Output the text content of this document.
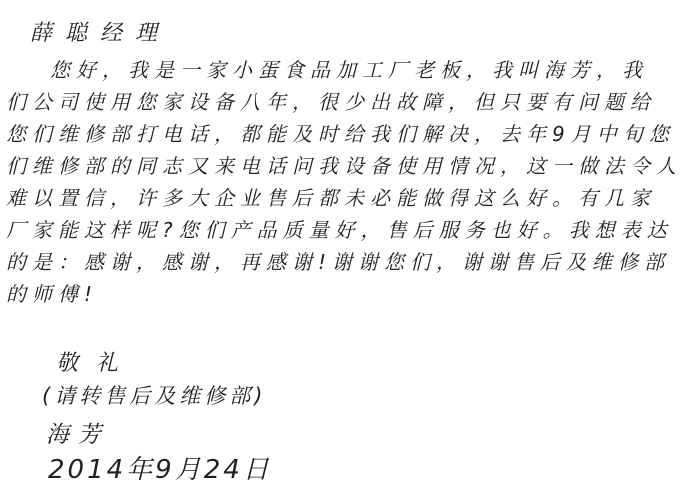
薛聪经理
您好，我是一家小蛋食品加工厂老板，我叫海芳，我
们公司使用您家设备八年，很少出故障，但只要有问题给
您们维修部打电话，都能及时给我们解决，去年9月中旬您
们维修部的同志又来电话问我设备使用情况，这一做法令人
难以置信，许多大企业售后都未必能做得这么好。有几家
厂家能这样呢?您们产品质量好，售后服务也好。我想表达
的是：感谢，感谢，再感谢!谢谢您们，谢谢售后及维修部
的师傅!
敬礼
(请转售后及维修部)
海芳
2014年9月24日
